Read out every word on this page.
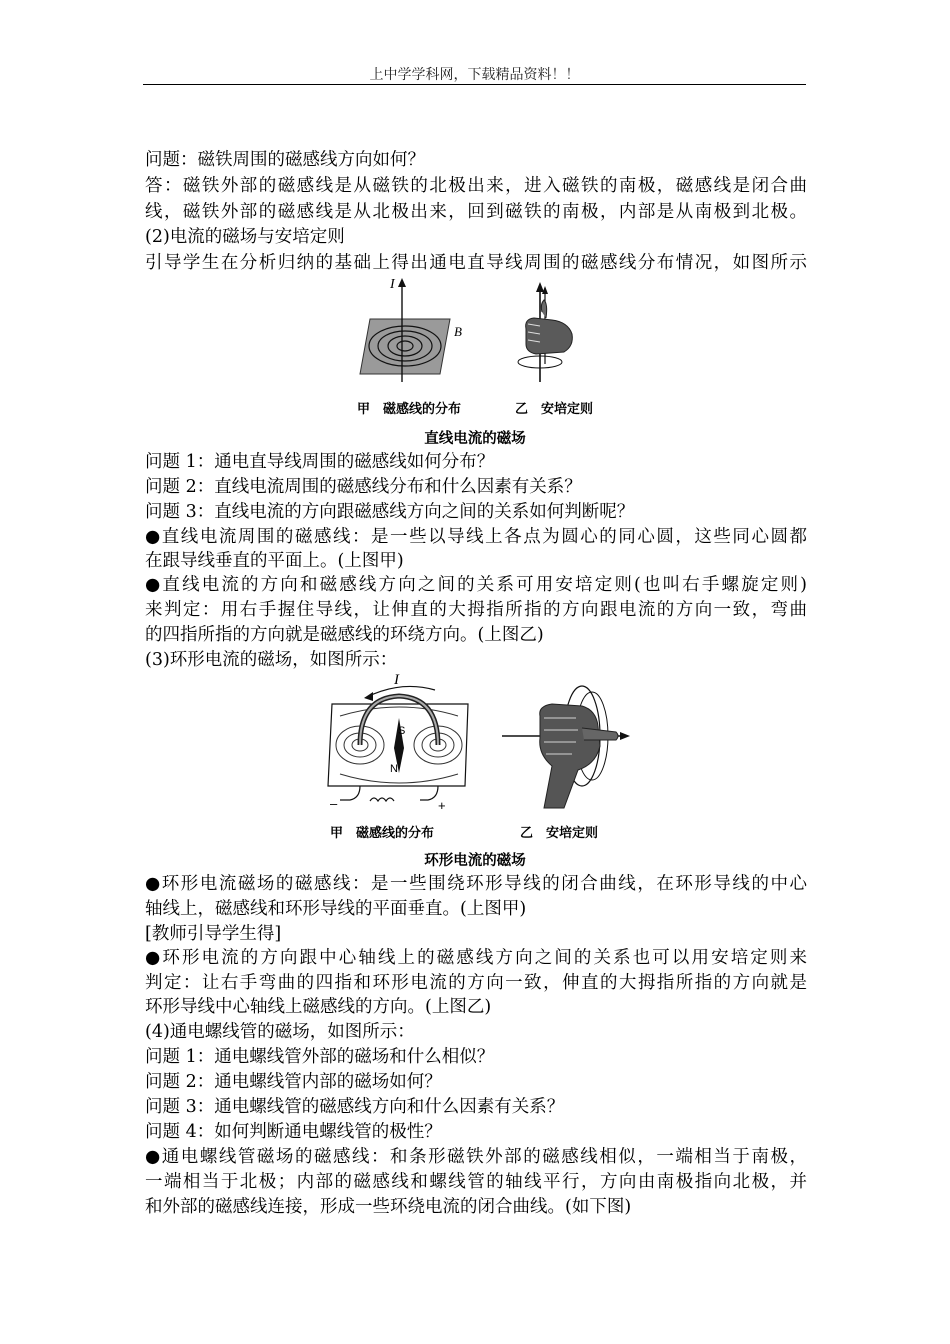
上中学学科网，下载精品资料！！
问题：磁铁周围的磁感线方向如何？
答：磁铁外部的磁感线是从磁铁的北极出来，进入磁铁的南极，磁感线是闭合曲
线，磁铁外部的磁感线是从北极出来，回到磁铁的南极，内部是从南极到北极。
(2)电流的磁场与安培定则
引导学生在分析归纳的基础上得出通电直导线周围的磁感线分布情况，如图所示
I
B
甲　磁感线的分布	乙　安培定则
直线电流的磁场
问题 1：通电直导线周围的磁感线如何分布？
问题 2：直线电流周围的磁感线分布和什么因素有关系？
问题 3：直线电流的方向跟磁感线方向之间的关系如何判断呢？
●直线电流周围的磁感线：是一些以导线上各点为圆心的同心圆，这些同心圆都
在跟导线垂直的平面上。(上图甲)
●直线电流的方向和磁感线方向之间的关系可用安培定则(也叫右手螺旋定则)
来判定：用右手握住导线，让伸直的大拇指所指的方向跟电流的方向一致，弯曲
的四指所指的方向就是磁感线的环绕方向。(上图乙)
(3)环形电流的磁场，如图所示：
I
S
N
–	+
甲　磁感线的分布	乙　安培定则
环形电流的磁场
●环形电流磁场的磁感线：是一些围绕环形导线的闭合曲线，在环形导线的中心
轴线上，磁感线和环形导线的平面垂直。(上图甲)
[教师引导学生得]
●环形电流的方向跟中心轴线上的磁感线方向之间的关系也可以用安培定则来
判定：让右手弯曲的四指和环形电流的方向一致，伸直的大拇指所指的方向就是
环形导线中心轴线上磁感线的方向。(上图乙)
(4)通电螺线管的磁场，如图所示：
问题 1：通电螺线管外部的磁场和什么相似？
问题 2：通电螺线管内部的磁场如何？
问题 3：通电螺线管的磁感线方向和什么因素有关系？
问题 4：如何判断通电螺线管的极性？
●通电螺线管磁场的磁感线：和条形磁铁外部的磁感线相似，一端相当于南极，
一端相当于北极；内部的磁感线和螺线管的轴线平行，方向由南极指向北极，并
和外部的磁感线连接，形成一些环绕电流的闭合曲线。(如下图)
